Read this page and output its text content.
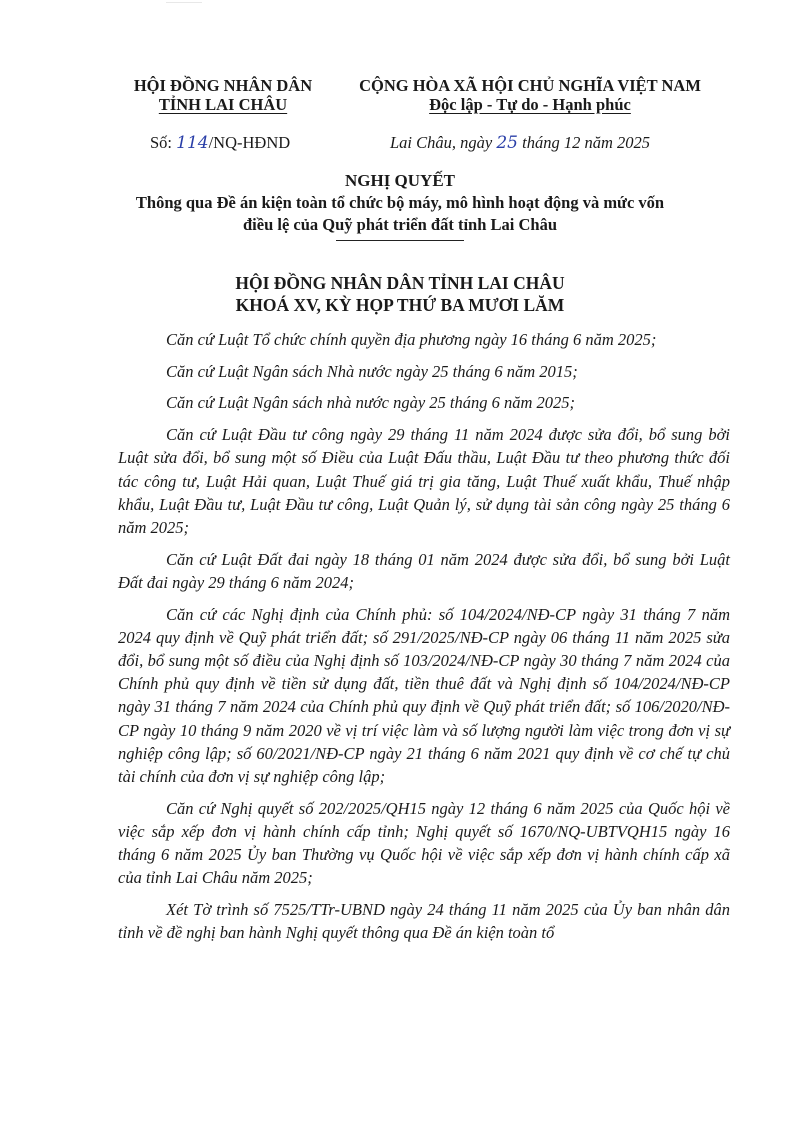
HỘI ĐỒNG NHÂN DÂN
TỈNH LAI CHÂU
CỘNG HÒA XÃ HỘI CHỦ NGHĨA VIỆT NAM
Độc lập - Tự do - Hạnh phúc
Số: 114/NQ-HĐND	Lai Châu, ngày 25 tháng 12 năm 2025
NGHỊ QUYẾT
Thông qua Đề án kiện toàn tổ chức bộ máy, mô hình hoạt động và mức vốn
điều lệ của Quỹ phát triển đất tỉnh Lai Châu
HỘI ĐỒNG NHÂN DÂN TỈNH LAI CHÂU
KHOÁ XV, KỲ HỌP THỨ BA MƯƠI LĂM

Căn cứ Luật Tổ chức chính quyền địa phương ngày 16 tháng 6 năm 2025;

Căn cứ Luật Ngân sách Nhà nước ngày 25 tháng 6 năm 2015;

Căn cứ Luật Ngân sách nhà nước ngày 25 tháng 6 năm 2025;

Căn cứ Luật Đầu tư công ngày 29 tháng 11 năm 2024 được sửa đổi, bổ sung bởi Luật sửa đổi, bổ sung một số Điều của Luật Đấu thầu, Luật Đầu tư theo phương thức đối tác công tư, Luật Hải quan, Luật Thuế giá trị gia tăng, Luật Thuế xuất khẩu, Thuế nhập khẩu, Luật Đầu tư, Luật Đầu tư công, Luật Quản lý, sử dụng tài sản công ngày 25 tháng 6 năm 2025;

Căn cứ Luật Đất đai ngày 18 tháng 01 năm 2024 được sửa đổi, bổ sung bởi Luật Đất đai ngày 29 tháng 6 năm 2024;

Căn cứ các Nghị định của Chính phủ: số 104/2024/NĐ-CP ngày 31 tháng 7 năm 2024 quy định về Quỹ phát triển đất; số 291/2025/NĐ-CP ngày 06 tháng 11 năm 2025 sửa đổi, bổ sung một số điều của Nghị định số 103/2024/NĐ-CP ngày 30 tháng 7 năm 2024 của Chính phủ quy định về tiền sử dụng đất, tiền thuê đất và Nghị định số 104/2024/NĐ-CP ngày 31 tháng 7 năm 2024 của Chính phủ quy định về Quỹ phát triển đất; số 106/2020/NĐ-CP ngày 10 tháng 9 năm 2020 về vị trí việc làm và số lượng người làm việc trong đơn vị sự nghiệp công lập; số 60/2021/NĐ-CP ngày 21 tháng 6 năm 2021 quy định về cơ chế tự chủ tài chính của đơn vị sự nghiệp công lập;

Căn cứ Nghị quyết số 202/2025/QH15 ngày 12 tháng 6 năm 2025 của Quốc hội về việc sắp xếp đơn vị hành chính cấp tỉnh; Nghị quyết số 1670/NQ-UBTVQH15 ngày 16 tháng 6 năm 2025 Ủy ban Thường vụ Quốc hội về việc sắp xếp đơn vị hành chính cấp xã của tỉnh Lai Châu năm 2025;

Xét Tờ trình số 7525/TTr-UBND ngày 24 tháng 11 năm 2025 của Ủy ban nhân dân tỉnh về đề nghị ban hành Nghị quyết thông qua Đề án kiện toàn tổ
